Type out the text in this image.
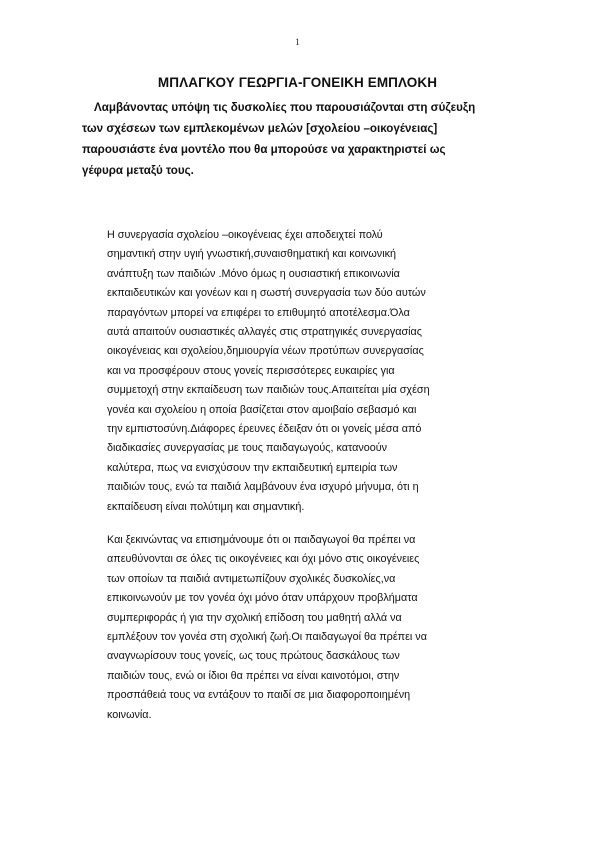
1
ΜΠΛΑΓΚΟΥ ΓΕΩΡΓΙΑ-ΓΟΝΕΙΚΗ ΕΜΠΛΟΚΗ
Λαμβάνοντας υπόψη τις δυσκολίες που παρουσιάζονται στη σύζευξη
των σχέσεων των εμπλεκομένων μελών [σχολείου –οικογένειας]
παρουσιάστε ένα μοντέλο που θα μπορούσε να χαρακτηριστεί ως
γέφυρα μεταξύ τους.
Η συνεργασία σχολείου –οικογένειας έχει αποδειχτεί πολύ
σημαντική στην υγιή γνωστική,συναισθηματική και κοινωνική
ανάπτυξη των παιδιών .Μόνο όμως η ουσιαστική επικοινωνία
εκπαιδευτικών και γονέων και η σωστή συνεργασία των δύο αυτών
παραγόντων μπορεί να επιφέρει το επιθυμητό αποτέλεσμα.Όλα
αυτά απαιτούν ουσιαστικές αλλαγές στις στρατηγικές συνεργασίας
οικογένειας και σχολείου,δημιουργία νέων προτύπων συνεργασίας
και να προσφέρουν στους γονείς περισσότερες ευκαιρίες για
συμμετοχή στην εκπαίδευση των παιδιών τους.Απαιτείται μία σχέση
γονέα και σχολείου η οποία βασίζεται στον αμοιβαίο σεβασμό και
την εμπιστοσύνη.Διάφορες έρευνες έδειξαν ότι οι γονείς μέσα από
διαδικασίες συνεργασίας με τους παιδαγωγούς, κατανοούν
καλύτερα, πως να ενισχύσουν την εκπαιδευτική εμπειρία των
παιδιών τους, ενώ τα παιδιά λαμβάνουν ένα ισχυρό μήνυμα, ότι η
εκπαίδευση είναι πολύτιμη και σημαντική.
Και ξεκινώντας να επισημάνουμε ότι οι παιδαγωγοί θα πρέπει να
απευθύνονται σε όλες τις οικογένειες και όχι μόνο στις οικογένειες
των οποίων τα παιδιά αντιμετωπίζουν σχολικές δυσκολίες,να
επικοινωνούν με τον γονέα όχι μόνο όταν υπάρχουν προβλήματα
συμπεριφοράς ή για την σχολική επίδοση του μαθητή αλλά να
εμπλέξουν τον γονέα στη σχολική ζωή.Οι παιδαγωγοί θα πρέπει να
αναγνωρίσουν τους γονείς, ως τους πρώτους δασκάλους των
παιδιών τους, ενώ οι ίδιοι θα πρέπει να είναι καινοτόμοι, στην
προσπάθειά τους να εντάξουν το παιδί σε μια διαφοροποιημένη
κοινωνία.
